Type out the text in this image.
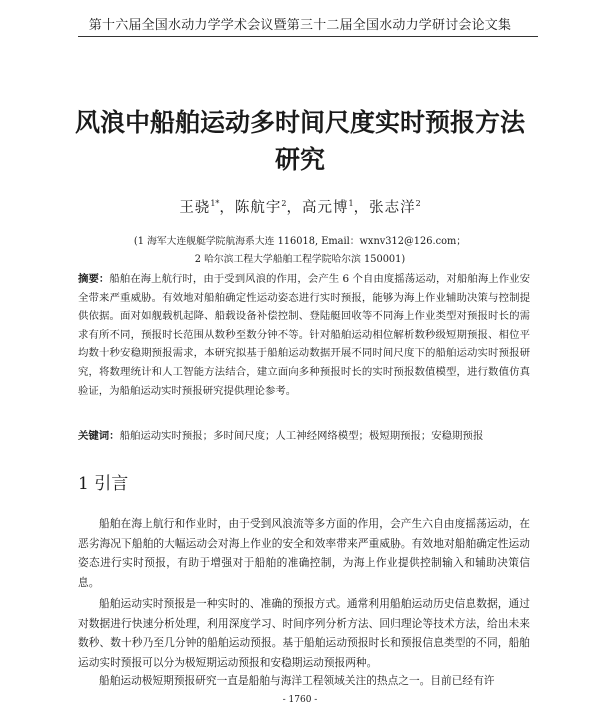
第十六届全国水动力学学术会议暨第三十二届全国水动力学研讨会论文集
风浪中船舶运动多时间尺度实时预报方法
研究
王骁$^{1*}$，陈航宇$^2$，高元博$^1$，张志洋$^2$
(1 海军大连舰艇学院航海系大连 116018, Email：wxnv312@126.com；
2 哈尔滨工程大学船舶工程学院哈尔滨 150001)
摘要：船舶在海上航行时，由于受到风浪的作用，会产生 6 个自由度摇荡运动，对船舶海上作业安全带来严重威胁。有效地对船舶确定性运动姿态进行实时预报，能够为海上作业辅助决策与控制提供依据。面对如舰载机起降、船载设备补偿控制、登陆艇回收等不同海上作业类型对预报时长的需求有所不同，预报时长范围从数秒至数分钟不等。针对船舶运动相位解析数秒级短期预报、相位平均数十秒安稳期预报需求，本研究拟基于船舶运动数据开展不同时间尺度下的船舶运动实时预报研究，将数理统计和人工智能方法结合，建立面向多种预报时长的实时预报数值模型，进行数值仿真验证，为船舶运动实时预报研究提供理论参考。
关键词：船舶运动实时预报；多时间尺度；人工神经网络模型；极短期预报；安稳期预报
1 引言
船舶在海上航行和作业时，由于受到风浪流等多方面的作用，会产生六自由度摇荡运动，在恶劣海况下船舶的大幅运动会对海上作业的安全和效率带来严重威胁。有效地对船舶确定性运动姿态进行实时预报，有助于增强对于船舶的准确控制，为海上作业提供控制输入和辅助决策信息。
船舶运动实时预报是一种实时的、准确的预报方式。通常利用船舶运动历史信息数据，通过对数据进行快速分析处理，利用深度学习、时间序列分析方法、回归理论等技术方法，给出未来数秒、数十秒乃至几分钟的船舶运动预报。基于船舶运动预报时长和预报信息类型的不同，船舶运动实时预报可以分为极短期运动预报和安稳期运动预报两种。
船舶运动极短期预报研究一直是船舶与海洋工程领域关注的热点之一。目前已经有许
- 1760 -
